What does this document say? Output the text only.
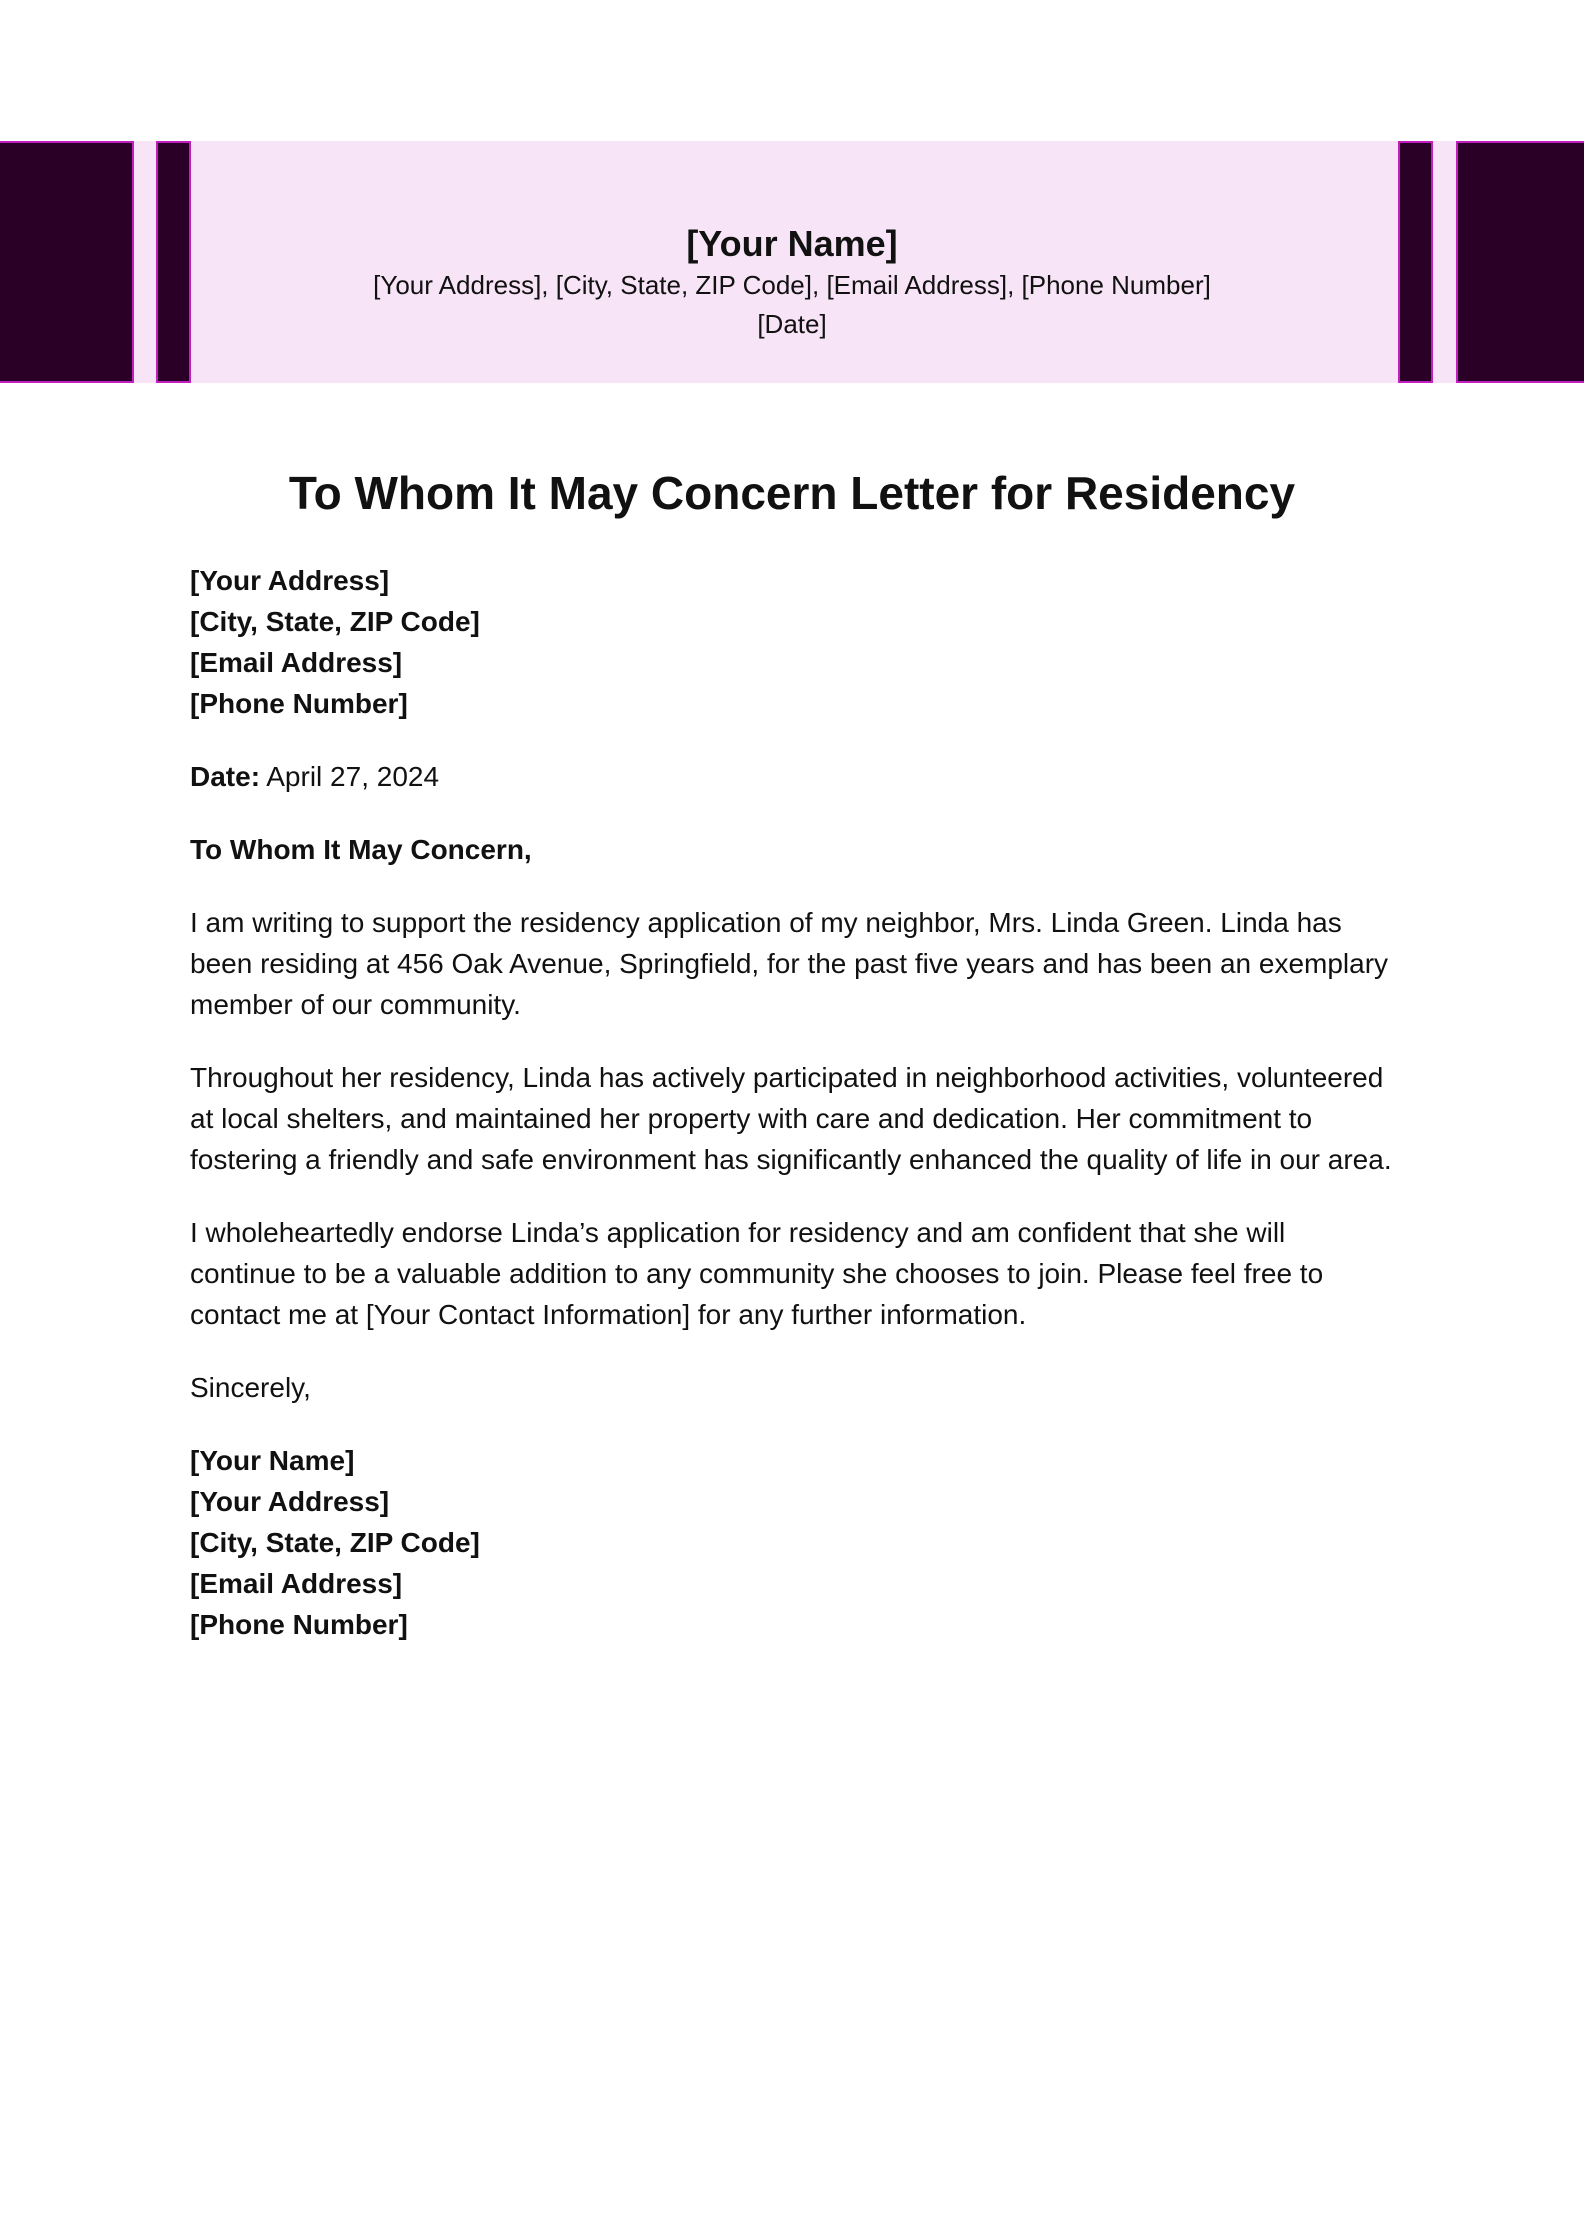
[Your Name]
[Your Address], [City, State, ZIP Code], [Email Address], [Phone Number]
[Date]
To Whom It May Concern Letter for Residency
[Your Address]
[City, State, ZIP Code]
[Email Address]
[Phone Number]
Date: April 27, 2024
To Whom It May Concern,

I am writing to support the residency application of my neighbor, Mrs. Linda Green. Linda has been residing at 456 Oak Avenue, Springfield, for the past five years and has been an exemplary member of our community.

Throughout her residency, Linda has actively participated in neighborhood activities, volunteered at local shelters, and maintained her property with care and dedication. Her commitment to fostering a friendly and safe environment has significantly enhanced the quality of life in our area.

I wholeheartedly endorse Linda’s application for residency and am confident that she will continue to be a valuable addition to any community she chooses to join. Please feel free to contact me at [Your Contact Information] for any further information.

Sincerely,
[Your Name]
[Your Address]
[City, State, ZIP Code]
[Email Address]
[Phone Number]
